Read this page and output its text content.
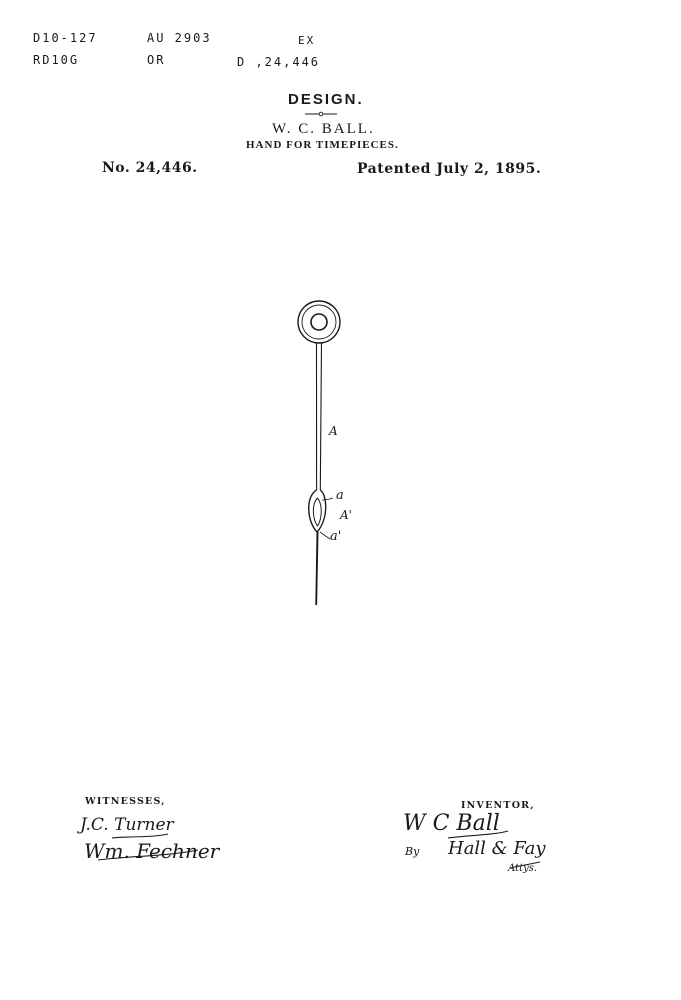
D10-127
RD10G
AU 2903
OR
EX
D ,24,446
DESIGN.
W. C. BALL.
HAND FOR TIMEPIECES.
No. 24,446.	Patented July 2, 1895.
A
a
A'
a'
WITNESSES,
J.C. Turner
Wm. Fechner
INVENTOR,
W C Ball
By Hall & Fay
Attys.
